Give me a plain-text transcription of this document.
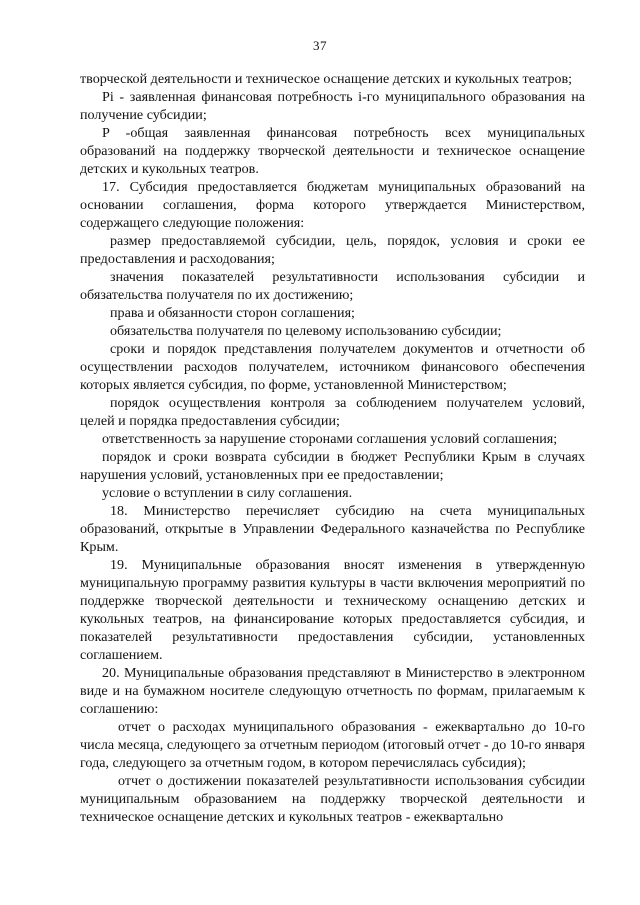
37

творческой деятельности и техническое оснащение детских и кукольных театров;

Pi - заявленная финансовая потребность i-го муниципального образования на получение субсидии;

P -общая заявленная финансовая потребность всех муниципальных образований на поддержку творческой деятельности и техническое оснащение детских и кукольных театров.

17. Субсидия предоставляется бюджетам муниципальных образований на основании соглашения, форма которого утверждается Министерством, содержащего следующие положения:

размер предоставляемой субсидии, цель, порядок, условия и сроки ее предоставления и расходования;

значения показателей результативности использования субсидии и обязательства получателя по их достижению;

права и обязанности сторон соглашения;

обязательства получателя по целевому использованию субсидии;

сроки и порядок представления получателем документов и отчетности об осуществлении расходов получателем, источником финансового обеспечения которых является субсидия, по форме, установленной Министерством;

порядок осуществления контроля за соблюдением получателем условий, целей и порядка предоставления субсидии;

ответственность за нарушение сторонами соглашения условий соглашения;

порядок и сроки возврата субсидии в бюджет Республики Крым в случаях нарушения условий, установленных при ее предоставлении;

условие о вступлении в силу соглашения.

18. Министерство перечисляет субсидию на счета муниципальных образований, открытые в Управлении Федерального казначейства по Республике Крым.

19. Муниципальные образования вносят изменения в утвержденную муниципальную программу развития культуры в части включения мероприятий по поддержке творческой деятельности и техническому оснащению детских и кукольных театров, на финансирование которых предоставляется субсидия, и показателей результативности предоставления субсидии, установленных соглашением.

20. Муниципальные образования представляют в Министерство в электронном виде и на бумажном носителе следующую отчетность по формам, прилагаемым к соглашению:

отчет о расходах муниципального образования - ежеквартально до 10-го числа месяца, следующего за отчетным периодом (итоговый отчет - до 10-го января года, следующего за отчетным годом, в котором перечислялась субсидия);

отчет о достижении показателей результативности использования субсидии муниципальным образованием на поддержку творческой деятельности и техническое оснащение детских и кукольных театров - ежеквартально
